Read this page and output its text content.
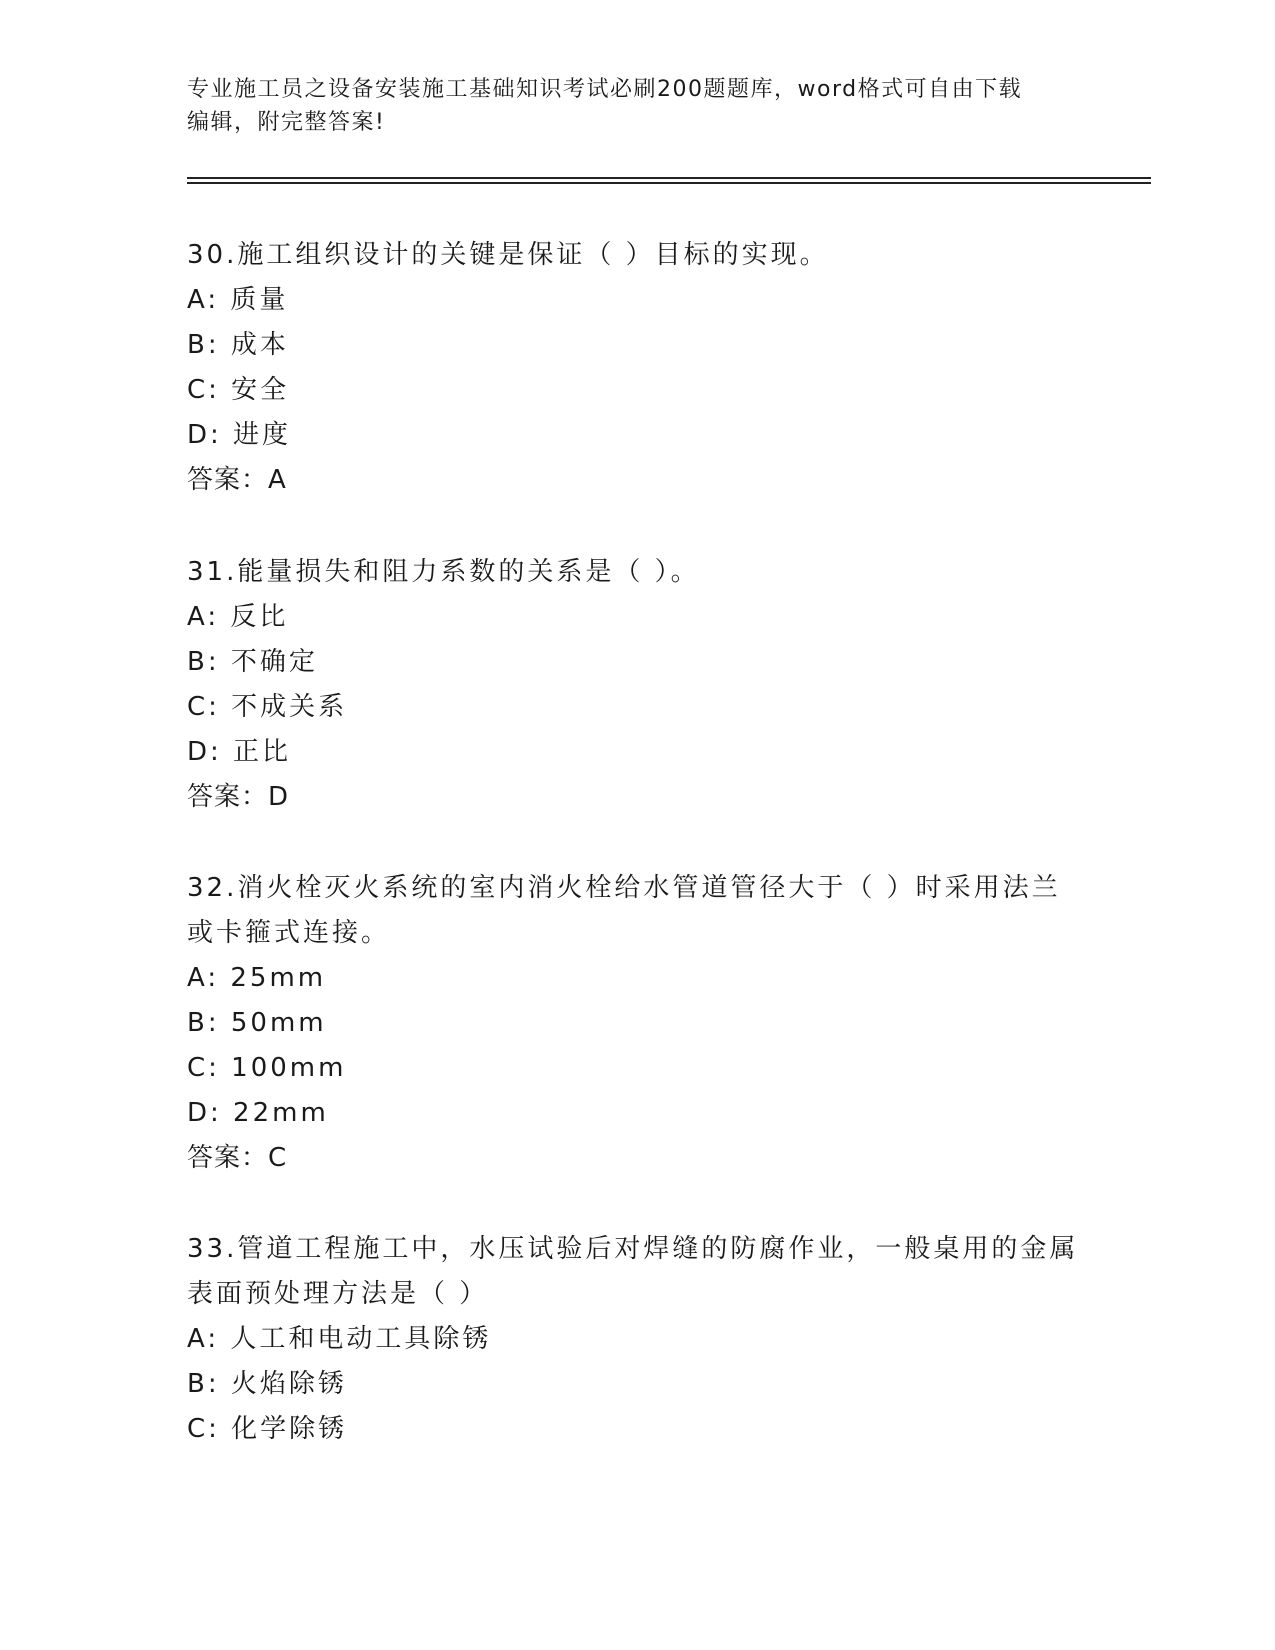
专业施工员之设备安装施工基础知识考试必刷200题题库，word格式可自由下载
编辑，附完整答案!
30.施工组织设计的关键是保证（ ）目标的实现。
A: 质量
B: 成本
C: 安全
D: 进度
答案：A
31.能量损失和阻力系数的关系是（ ）。
A: 反比
B: 不确定
C: 不成关系
D: 正比
答案：D
32.消火栓灭火系统的室内消火栓给水管道管径大于（ ）时采用法兰
或卡箍式连接。
A: 25mm
B: 50mm
C: 100mm
D: 22mm
答案：C
33.管道工程施工中，水压试验后对焊缝的防腐作业，一般桌用的金属
表面预处理方法是（ ）
A: 人工和电动工具除锈
B: 火焰除锈
C: 化学除锈
